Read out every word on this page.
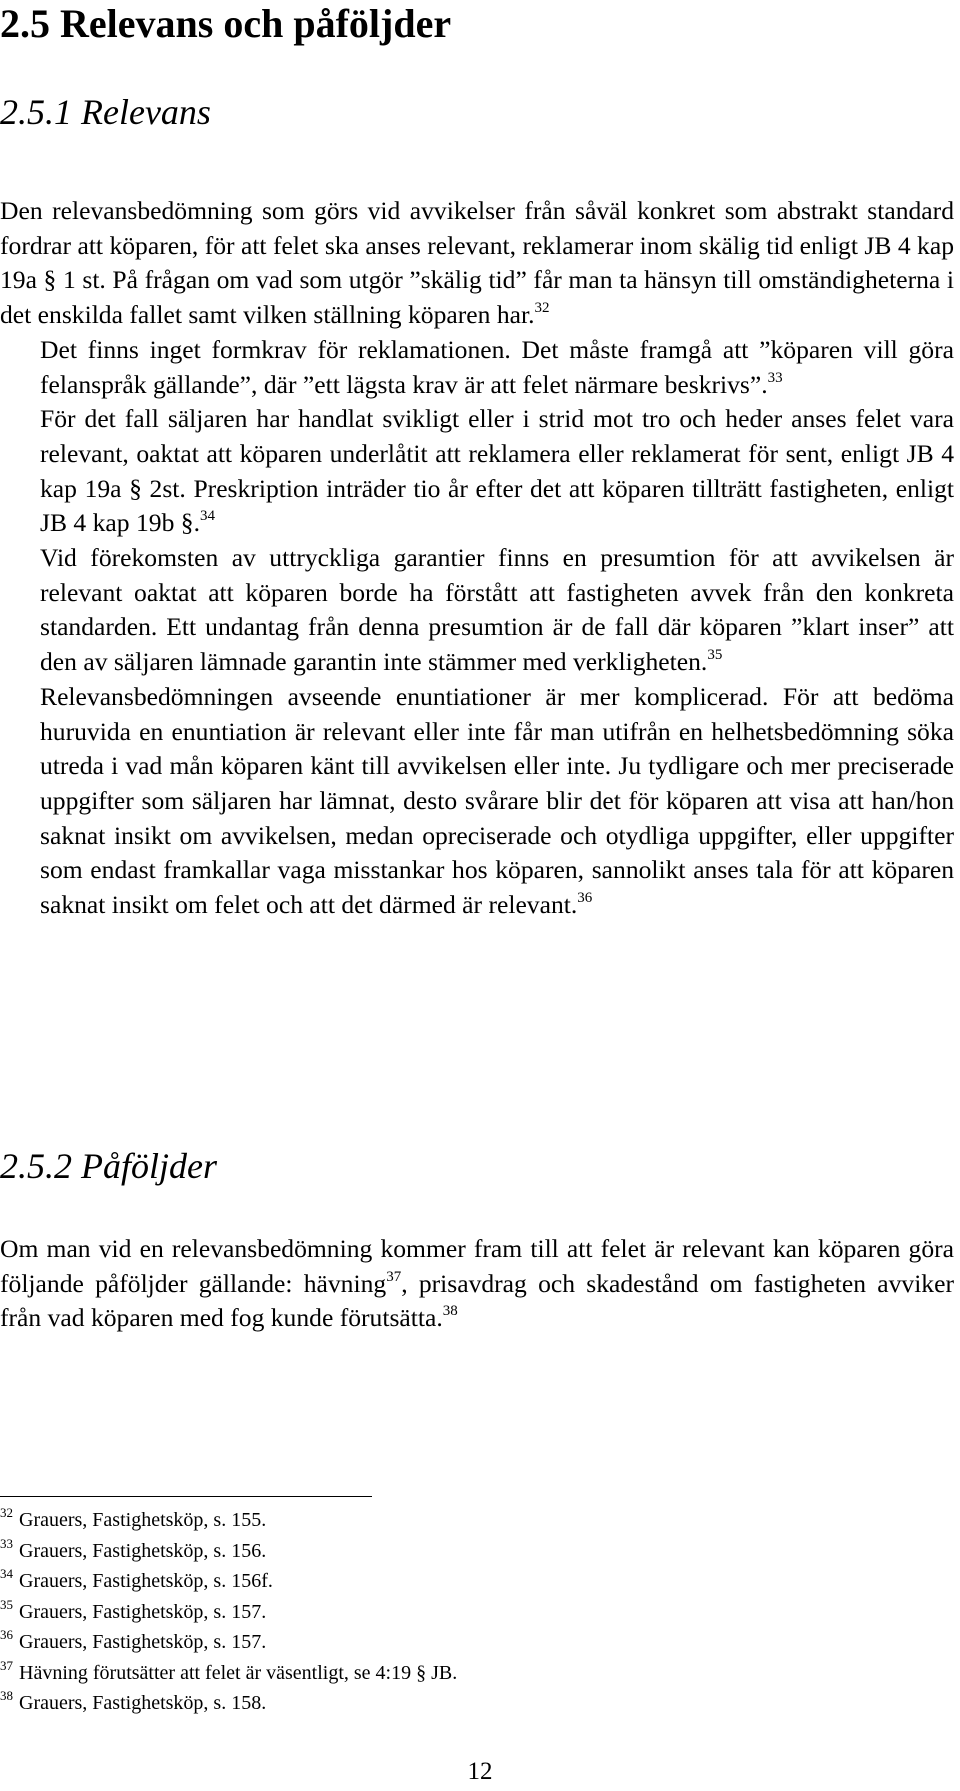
2.5 Relevans och påföljder
2.5.1 Relevans

Den relevansbedömning som görs vid avvikelser från såväl konkret som abstrakt standard fordrar att köparen, för att felet ska anses relevant, reklamerar inom skälig tid enligt JB 4 kap 19a § 1 st. På frågan om vad som utgör ”skälig tid” får man ta hänsyn till omständigheterna i det enskilda fallet samt vilken ställning köparen har.$^{32}$

Det finns inget formkrav för reklamationen. Det måste framgå att ”köparen vill göra felanspråk gällande”, där ”ett lägsta krav är att felet närmare beskrivs”.$^{33}$

För det fall säljaren har handlat svikligt eller i strid mot tro och heder anses felet vara relevant, oaktat att köparen underlåtit att reklamera eller reklamerat för sent, enligt JB 4 kap 19a § 2st. Preskription inträder tio år efter det att köparen tillträtt fastigheten, enligt JB 4 kap 19b §.$^{34}$

Vid förekomsten av uttryckliga garantier finns en presumtion för att avvikelsen är relevant oaktat att köparen borde ha förstått att fastigheten avvek från den konkreta standarden. Ett undantag från denna presumtion är de fall där köparen ”klart inser” att den av säljaren lämnade garantin inte stämmer med verkligheten.$^{35}$

Relevansbedömningen avseende enuntiationer är mer komplicerad. För att bedöma huruvida en enuntiation är relevant eller inte får man utifrån en helhetsbedömning söka utreda i vad mån köparen känt till avvikelsen eller inte. Ju tydligare och mer preciserade uppgifter som säljaren har lämnat, desto svårare blir det för köparen att visa att han/hon saknat insikt om avvikelsen, medan opreciserade och otydliga uppgifter, eller uppgifter som endast framkallar vaga misstankar hos köparen, sannolikt anses tala för att köparen saknat insikt om felet och att det därmed är relevant.$^{36}$

2.5.2 Påföljder

Om man vid en relevansbedömning kommer fram till att felet är relevant kan köparen göra följande påföljder gällande: hävning$^{37}$, prisavdrag och skadestånd om fastigheten avviker från vad köparen med fog kunde förutsätta.$^{38}$

$^{32}$ Grauers, Fastighetsköp, s. 155.
$^{33}$ Grauers, Fastighetsköp, s. 156.
$^{34}$ Grauers, Fastighetsköp, s. 156f.
$^{35}$ Grauers, Fastighetsköp, s. 157.
$^{36}$ Grauers, Fastighetsköp, s. 157.
$^{37}$ Hävning förutsätter att felet är väsentligt, se 4:19 § JB.
$^{38}$ Grauers, Fastighetsköp, s. 158.
12
